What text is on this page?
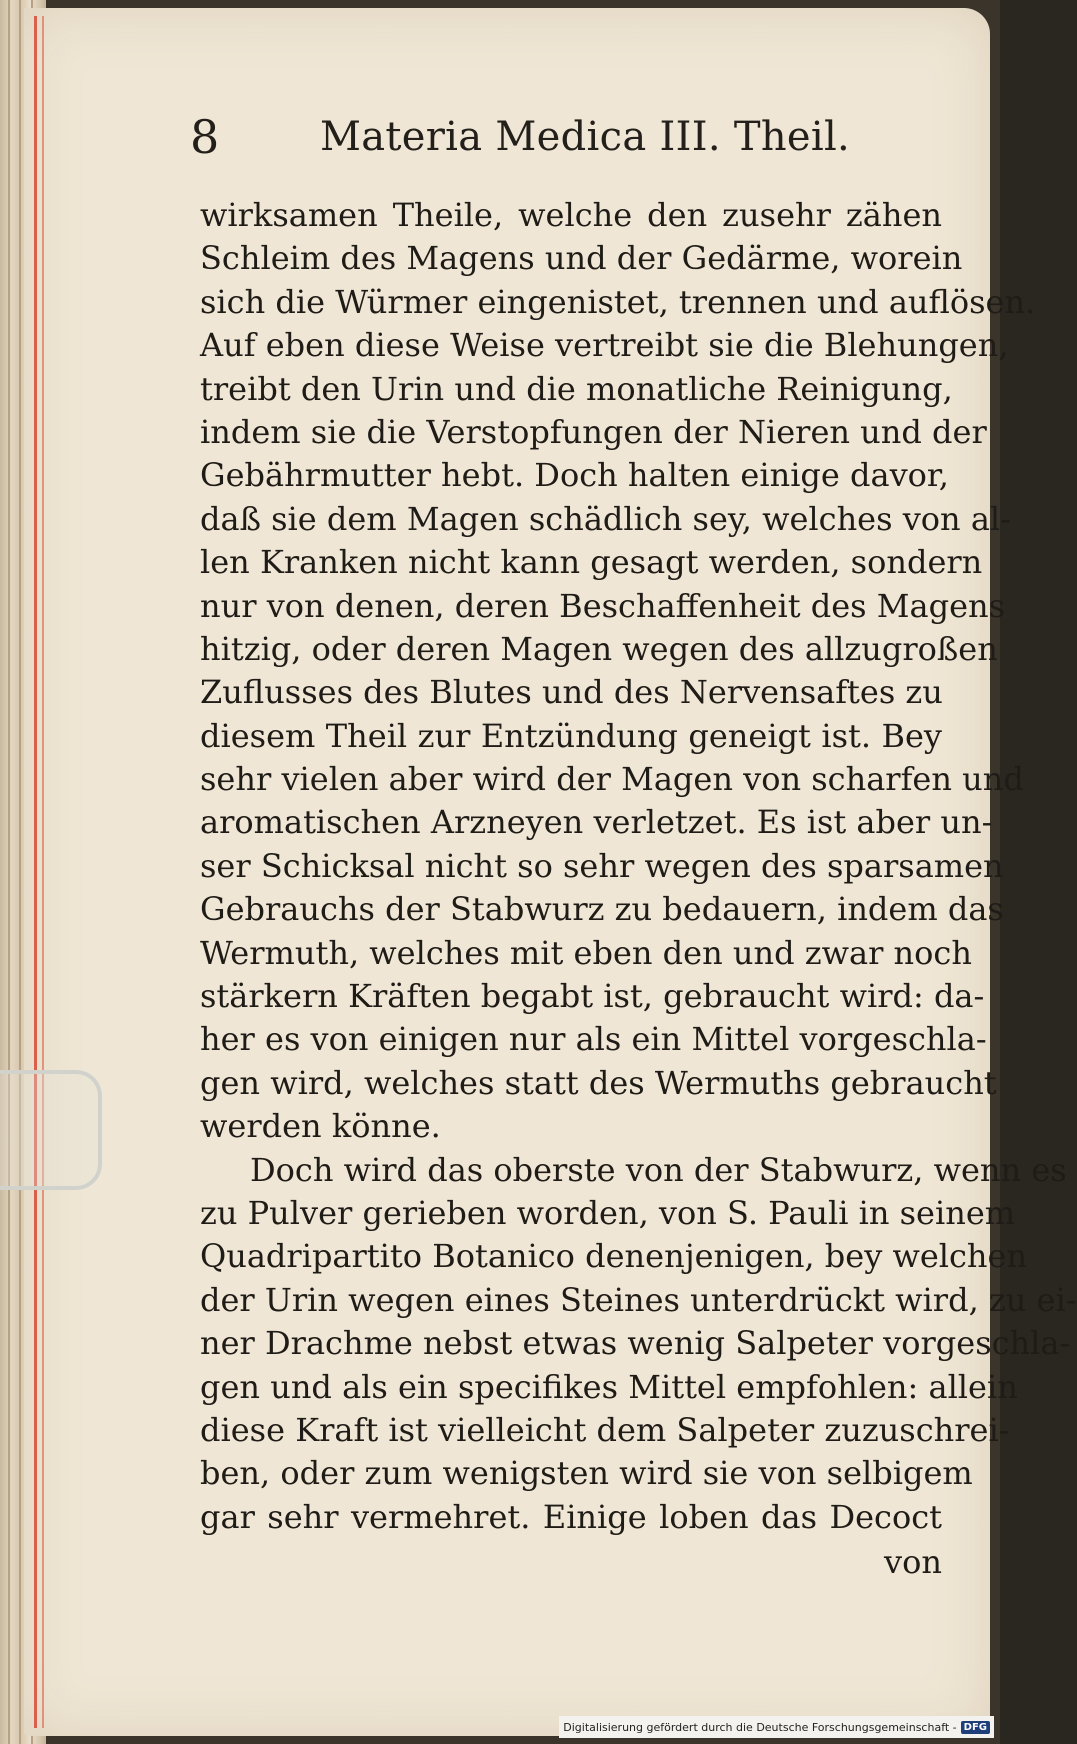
8	Materia Medica III. Theil.
wirksamen Theile, welche den zusehr zähen
Schleim des Magens und der Gedärme, worein
sich die Würmer eingenistet, trennen und auflösen.
Auf eben diese Weise vertreibt sie die Blehungen,
treibt den Urin und die monatliche Reinigung,
indem sie die Verstopfungen der Nieren und der
Gebährmutter hebt. Doch halten einige davor,
daß sie dem Magen schädlich sey, welches von al-
len Kranken nicht kann gesagt werden, sondern
nur von denen, deren Beschaffenheit des Magens
hitzig, oder deren Magen wegen des allzugroßen
Zuflusses des Blutes und des Nervensaftes zu
diesem Theil zur Entzündung geneigt ist. Bey
sehr vielen aber wird der Magen von scharfen und
aromatischen Arzneyen verletzet. Es ist aber un-
ser Schicksal nicht so sehr wegen des sparsamen
Gebrauchs der Stabwurz zu bedauern, indem das
Wermuth, welches mit eben den und zwar noch
stärkern Kräften begabt ist, gebraucht wird: da-
her es von einigen nur als ein Mittel vorgeschla-
gen wird, welches statt des Wermuths gebraucht
werden könne.
Doch wird das oberste von der Stabwurz, wenn es
zu Pulver gerieben worden, von S. Pauli in seinem
Quadripartito Botanico denenjenigen, bey welchen
der Urin wegen eines Steines unterdrückt wird, zu ei-
ner Drachme nebst etwas wenig Salpeter vorgeschla-
gen und als ein specifikes Mittel empfohlen: allein
diese Kraft ist vielleicht dem Salpeter zuzuschrei-
ben, oder zum wenigsten wird sie von selbigem
gar sehr vermehret. Einige loben das Decoct
von
Digitalisierung gefördert durch die Deutsche Forschungsgemeinschaft - DFG
